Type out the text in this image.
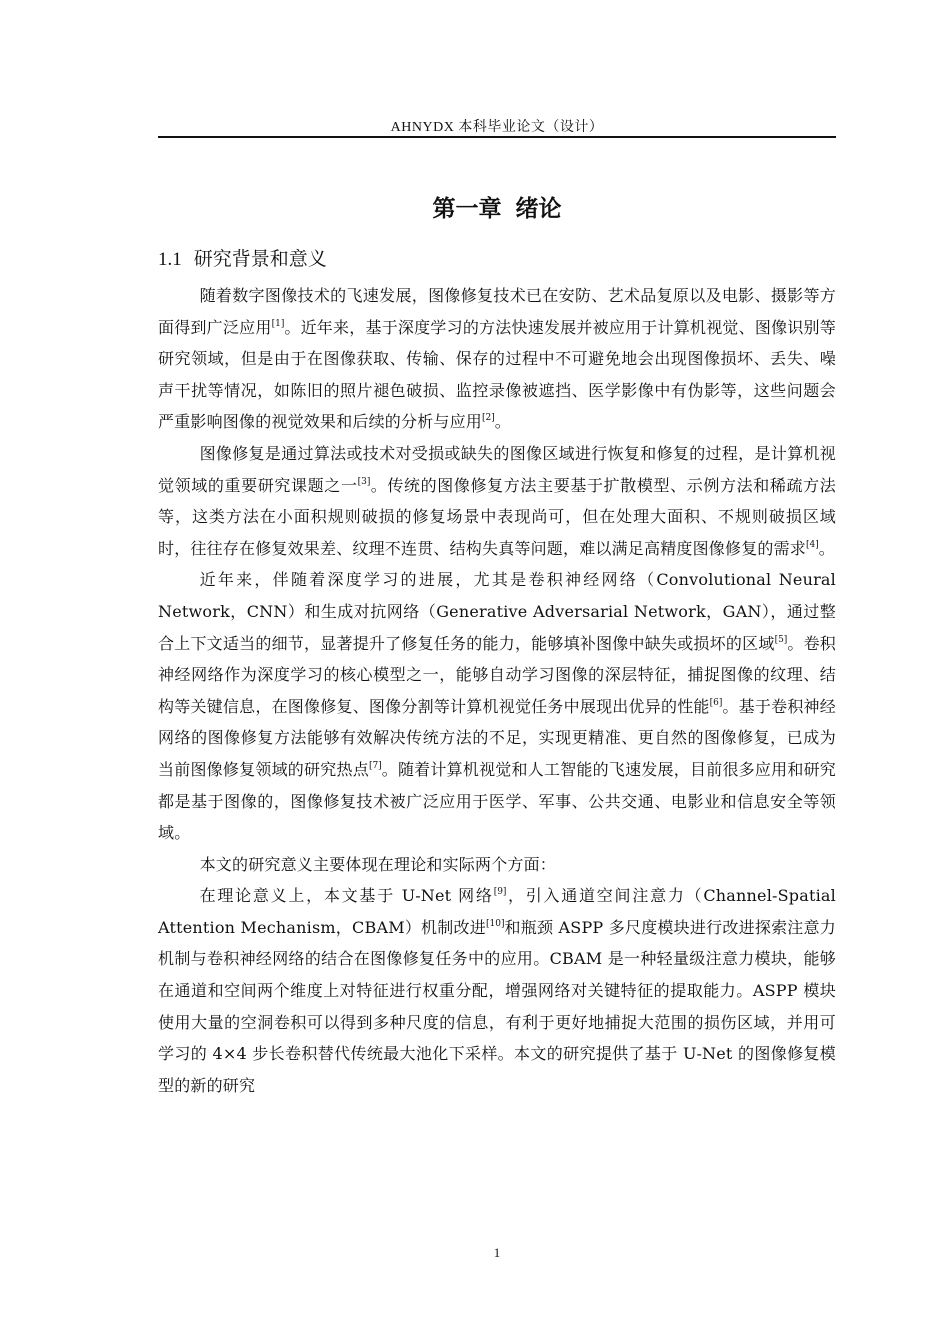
AHNYDX 本科毕业论文（设计）
第一章 绪论
1.1 研究背景和意义

随着数字图像技术的飞速发展，图像修复技术已在安防、艺术品复原以及电影、摄影等方面得到广泛应用[1]。近年来，基于深度学习的方法快速发展并被应用于计算机视觉、图像识别等研究领域，但是由于在图像获取、传输、保存的过程中不可避免地会出现图像损坏、丢失、噪声干扰等情况，如陈旧的照片褪色破损、监控录像被遮挡、医学影像中有伪影等，这些问题会严重影响图像的视觉效果和后续的分析与应用[2]。

图像修复是通过算法或技术对受损或缺失的图像区域进行恢复和修复的过程，是计算机视觉领域的重要研究课题之一[3]。传统的图像修复方法主要基于扩散模型、示例方法和稀疏方法等，这类方法在小面积规则破损的修复场景中表现尚可，但在处理大面积、不规则破损区域时，往往存在修复效果差、纹理不连贯、结构失真等问题，难以满足高精度图像修复的需求[4]。

近年来，伴随着深度学习的进展，尤其是卷积神经网络（Convolutional Neural Network，CNN）和生成对抗网络（Generative Adversarial Network，GAN），通过整合上下文适当的细节，显著提升了修复任务的能力，能够填补图像中缺失或损坏的区域[5]。卷积神经网络作为深度学习的核心模型之一，能够自动学习图像的深层特征，捕捉图像的纹理、结构等关键信息，在图像修复、图像分割等计算机视觉任务中展现出优异的性能[6]。基于卷积神经网络的图像修复方法能够有效解决传统方法的不足，实现更精准、更自然的图像修复，已成为当前图像修复领域的研究热点[7]。随着计算机视觉和人工智能的飞速发展，目前很多应用和研究都是基于图像的，图像修复技术被广泛应用于医学、军事、公共交通、电影业和信息安全等领域。

本文的研究意义主要体现在理论和实际两个方面：

在理论意义上，本文基于 U-Net 网络[9]，引入通道空间注意力（Channel-Spatial Attention Mechanism，CBAM）机制改进[10]和瓶颈 ASPP 多尺度模块进行改进探索注意力机制与卷积神经网络的结合在图像修复任务中的应用。CBAM 是一种轻量级注意力模块，能够在通道和空间两个维度上对特征进行权重分配，增强网络对关键特征的提取能力。ASPP 模块使用大量的空洞卷积可以得到多种尺度的信息，有利于更好地捕捉大范围的损伤区域，并用可学习的 4×4 步长卷积替代传统最大池化下采样。本文的研究提供了基于 U-Net 的图像修复模型的新的研究

1
